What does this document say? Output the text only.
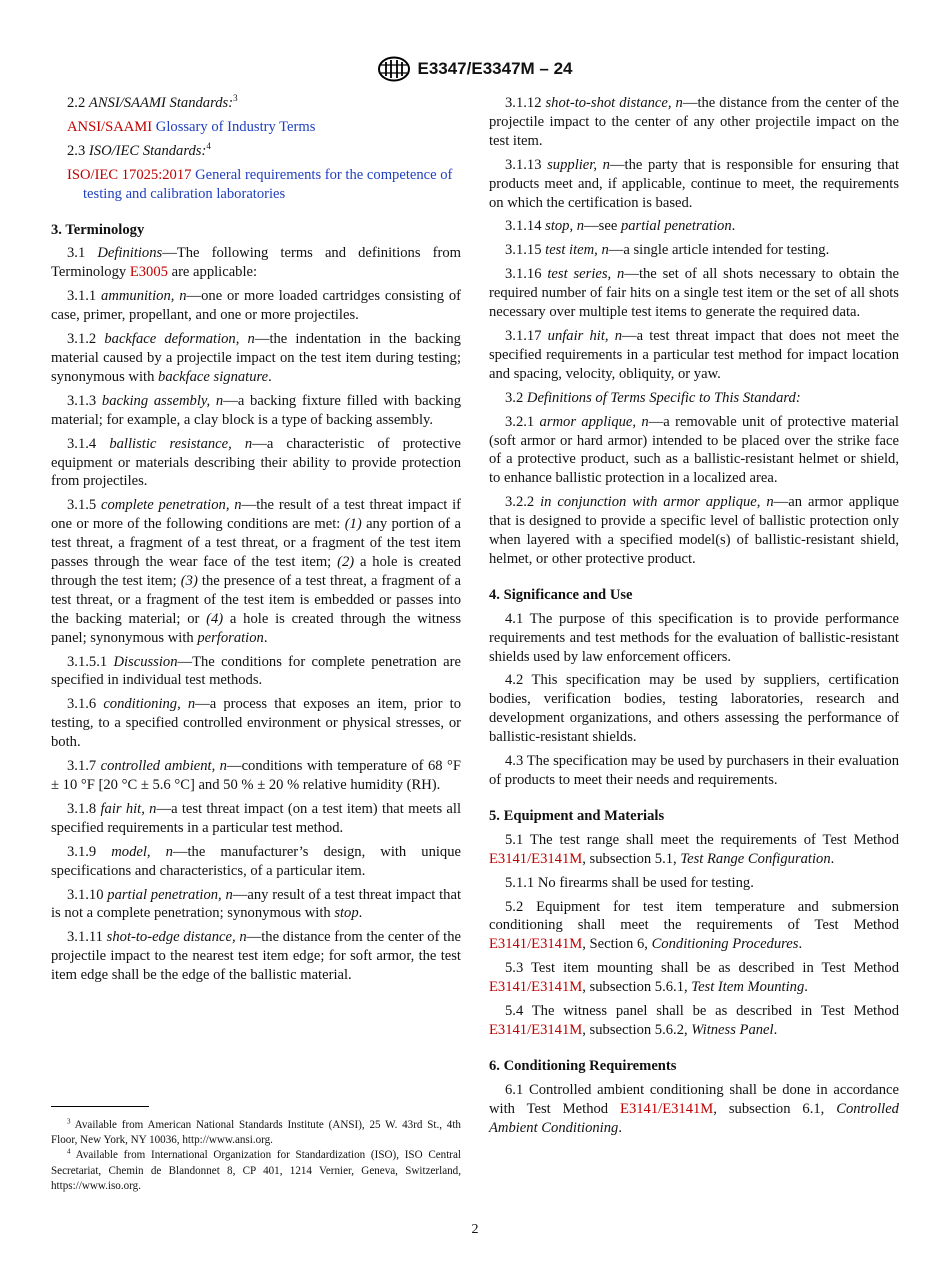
E3347/E3347M – 24

2.2 ANSI/SAAMI Standards:$^3$

ANSI/SAAMI Glossary of Industry Terms

2.3 ISO/IEC Standards:$^4$

ISO/IEC 17025:2017 General requirements for the competence of testing and calibration laboratories

3. Terminology

3.1 Definitions—The following terms and definitions from Terminology E3005 are applicable:

3.1.1 ammunition, n—one or more loaded cartridges consisting of case, primer, propellant, and one or more projectiles.

3.1.2 backface deformation, n—the indentation in the backing material caused by a projectile impact on the test item during testing; synonymous with backface signature.

3.1.3 backing assembly, n—a backing fixture filled with backing material; for example, a clay block is a type of backing assembly.

3.1.4 ballistic resistance, n—a characteristic of protective equipment or materials describing their ability to provide protection from projectiles.

3.1.5 complete penetration, n—the result of a test threat impact if one or more of the following conditions are met: (1) any portion of a test threat, a fragment of a test threat, or a fragment of the test item passes through the wear face of the test item; (2) a hole is created through the test item; (3) the presence of a test threat, a fragment of a test threat, or a fragment of the test item is embedded or passes into the backing material; or (4) a hole is created through the witness panel; synonymous with perforation.

3.1.5.1 Discussion—The conditions for complete penetration are specified in individual test methods.

3.1.6 conditioning, n—a process that exposes an item, prior to testing, to a specified controlled environment or physical stresses, or both.

3.1.7 controlled ambient, n—conditions with temperature of 68 °F ± 10 °F [20 °C ± 5.6 °C] and 50 % ± 20 % relative humidity (RH).

3.1.8 fair hit, n—a test threat impact (on a test item) that meets all specified requirements in a particular test method.

3.1.9 model, n—the manufacturer’s design, with unique specifications and characteristics, of a particular item.

3.1.10 partial penetration, n—any result of a test threat impact that is not a complete penetration; synonymous with stop.

3.1.11 shot-to-edge distance, n—the distance from the center of the projectile impact to the nearest test item edge; for soft armor, the test item edge shall be the edge of the ballistic material.

$^3$ Available from American National Standards Institute (ANSI), 25 W. 43rd St., 4th Floor, New York, NY 10036, http://www.ansi.org.

$^4$ Available from International Organization for Standardization (ISO), ISO Central Secretariat, Chemin de Blandonnet 8, CP 401, 1214 Vernier, Geneva, Switzerland, https://www.iso.org.

3.1.12 shot-to-shot distance, n—the distance from the center of the projectile impact to the center of any other projectile impact on the test item.

3.1.13 supplier, n—the party that is responsible for ensuring that products meet and, if applicable, continue to meet, the requirements on which the certification is based.

3.1.14 stop, n—see partial penetration.

3.1.15 test item, n—a single article intended for testing.

3.1.16 test series, n—the set of all shots necessary to obtain the required number of fair hits on a single test item or the set of all shots necessary over multiple test items to generate the required data.

3.1.17 unfair hit, n—a test threat impact that does not meet the specified requirements in a particular test method for impact location and spacing, velocity, obliquity, or yaw.

3.2 Definitions of Terms Specific to This Standard:

3.2.1 armor applique, n—a removable unit of protective material (soft armor or hard armor) intended to be placed over the strike face of a protective product, such as a ballistic-resistant helmet or shield, to enhance ballistic protection in a localized area.

3.2.2 in conjunction with armor applique, n—an armor applique that is designed to provide a specific level of ballistic protection only when layered with a specified model(s) of ballistic-resistant shield, helmet, or other protective product.

4. Significance and Use

4.1 The purpose of this specification is to provide performance requirements and test methods for the evaluation of ballistic-resistant shields used by law enforcement officers.

4.2 This specification may be used by suppliers, certification bodies, verification bodies, testing laboratories, research and development organizations, and others assessing the performance of ballistic-resistant shields.

4.3 The specification may be used by purchasers in their evaluation of products to meet their needs and requirements.

5. Equipment and Materials

5.1 The test range shall meet the requirements of Test Method E3141/E3141M, subsection 5.1, Test Range Configuration.

5.1.1 No firearms shall be used for testing.

5.2 Equipment for test item temperature and submersion conditioning shall meet the requirements of Test Method E3141/E3141M, Section 6, Conditioning Procedures.

5.3 Test item mounting shall be as described in Test Method E3141/E3141M, subsection 5.6.1, Test Item Mounting.

5.4 The witness panel shall be as described in Test Method E3141/E3141M, subsection 5.6.2, Witness Panel.

6. Conditioning Requirements

6.1 Controlled ambient conditioning shall be done in accordance with Test Method E3141/E3141M, subsection 6.1, Controlled Ambient Conditioning.

2
